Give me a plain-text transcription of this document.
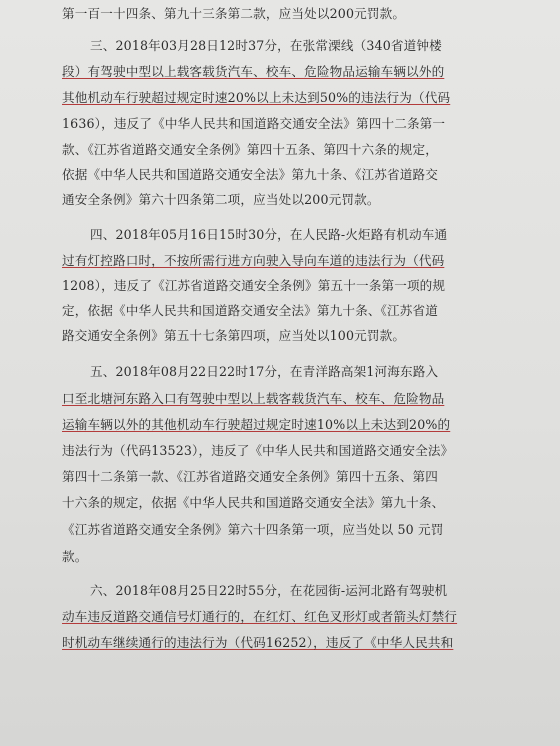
第一百一十四条、第九十三条第二款，应当处以200元罚款。
三、2018年03月28日12时37分，在张常溧线（340省道钟楼
段）有驾驶中型以上载客载货汽车、校车、危险物品运输车辆以外的
其他机动车行驶超过规定时速20%以上未达到50%的违法行为（代码
1636），违反了《中华人民共和国道路交通安全法》第四十二条第一
款、《江苏省道路交通安全条例》第四十五条、第四十六条的规定，
依据《中华人民共和国道路交通安全法》第九十条、《江苏省道路交
通安全条例》第六十四条第二项，应当处以200元罚款。
四、2018年05月16日15时30分，在人民路-火炬路有机动车通
过有灯控路口时，不按所需行进方向驶入导向车道的违法行为（代码
1208），违反了《江苏省道路交通安全条例》第五十一条第一项的规
定，依据《中华人民共和国道路交通安全法》第九十条、《江苏省道
路交通安全条例》第五十七条第四项，应当处以100元罚款。
五、2018年08月22日22时17分，在青洋路高架1河海东路入
口至北塘河东路入口有驾驶中型以上载客载货汽车、校车、危险物品
运输车辆以外的其他机动车行驶超过规定时速10%以上未达到20%的
违法行为（代码13523），违反了《中华人民共和国道路交通安全法》
第四十二条第一款、《江苏省道路交通安全条例》第四十五条、第四
十六条的规定，依据《中华人民共和国道路交通安全法》第九十条、
《江苏省道路交通安全条例》第六十四条第一项，应当处以 50 元罚
款。
六、2018年08月25日22时55分，在花园街-运河北路有驾驶机
动车违反道路交通信号灯通行的，在红灯、红色叉形灯或者箭头灯禁行
时机动车继续通行的违法行为（代码16252），违反了《中华人民共和
